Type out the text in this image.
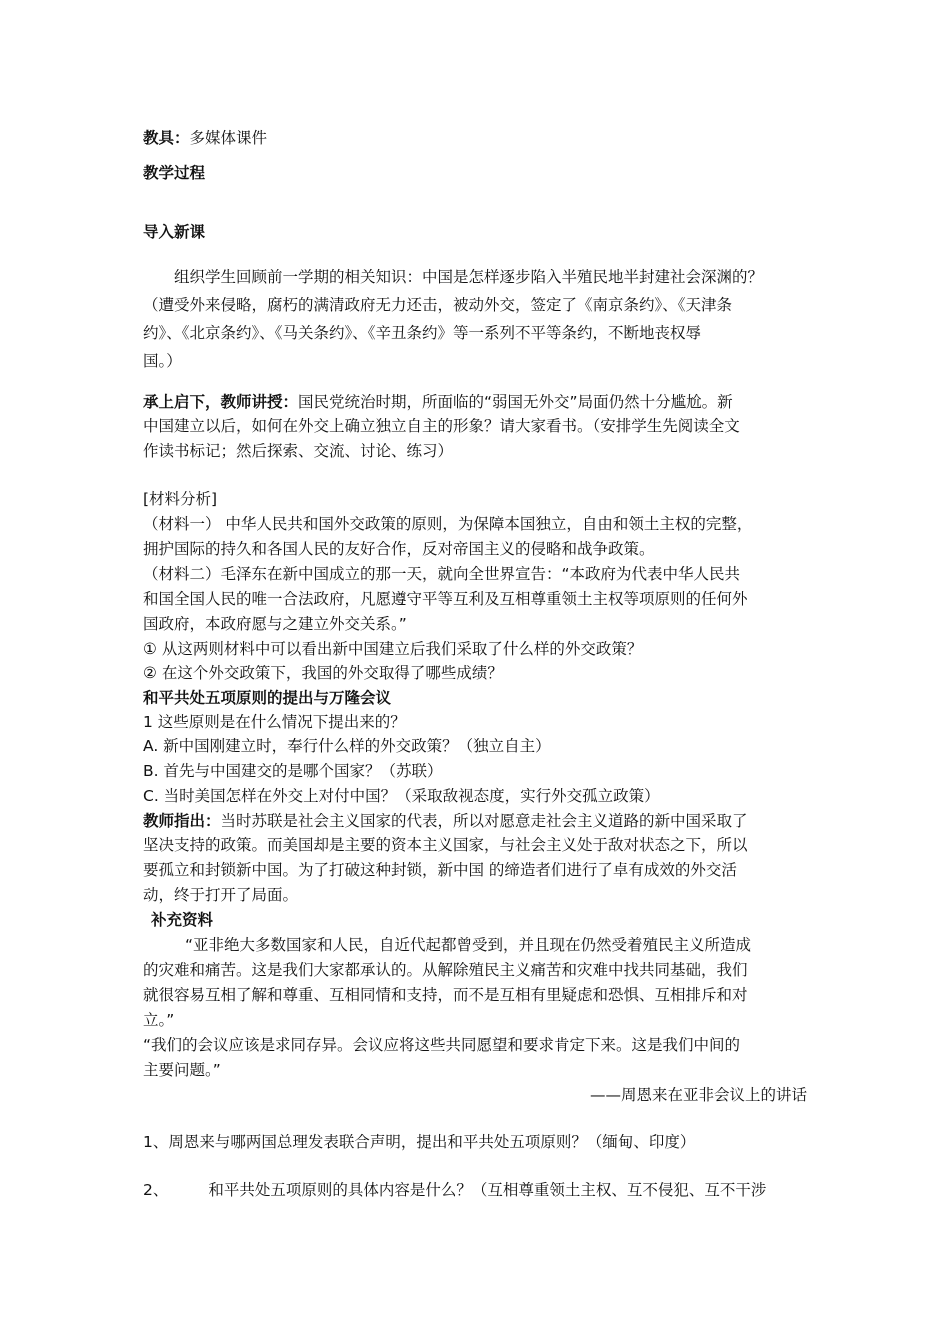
教具：多媒体课件
教学过程
导入新课
组织学生回顾前一学期的相关知识：中国是怎样逐步陷入半殖民地半封建社会深渊的？
（遭受外来侵略，腐朽的满清政府无力还击，被动外交，签定了《南京条约》、《天津条
约》、《北京条约》、《马关条约》、《辛丑条约》等一系列不平等条约，不断地丧权辱
国。）
承上启下，教师讲授：国民党统治时期，所面临的“弱国无外交”局面仍然十分尴尬。新
中国建立以后，如何在外交上确立独立自主的形象？请大家看书。（安排学生先阅读全文
作读书标记；然后探索、交流、讨论、练习）
[材料分析]
（材料一） 中华人民共和国外交政策的原则，为保障本国独立，自由和领土主权的完整，
拥护国际的持久和各国人民的友好合作，反对帝国主义的侵略和战争政策。
（材料二）毛泽东在新中国成立的那一天，就向全世界宣告：“本政府为代表中华人民共
和国全国人民的唯一合法政府，凡愿遵守平等互利及互相尊重领土主权等项原则的任何外
国政府，本政府愿与之建立外交关系。”
① 从这两则材料中可以看出新中国建立后我们采取了什么样的外交政策？
② 在这个外交政策下，我国的外交取得了哪些成绩？
和平共处五项原则的提出与万隆会议
1 这些原则是在什么情况下提出来的？
A. 新中国刚建立时，奉行什么样的外交政策？（独立自主）
B. 首先与中国建交的是哪个国家？（苏联）
C. 当时美国怎样在外交上对付中国？（采取敌视态度，实行外交孤立政策）
教师指出：当时苏联是社会主义国家的代表，所以对愿意走社会主义道路的新中国采取了
坚决支持的政策。而美国却是主要的资本主义国家，与社会主义处于敌对状态之下，所以
要孤立和封锁新中国。为了打破这种封锁，新中国 的缔造者们进行了卓有成效的外交活
动，终于打开了局面。
补充资料
“亚非绝大多数国家和人民，自近代起都曾受到，并且现在仍然受着殖民主义所造成
的灾难和痛苦。这是我们大家都承认的。从解除殖民主义痛苦和灾难中找共同基础，我们
就很容易互相了解和尊重、互相同情和支持，而不是互相有里疑虑和恐惧、互相排斥和对
立。”
“我们的会议应该是求同存异。会议应将这些共同愿望和要求肯定下来。这是我们中间的
主要问题。”
——周恩来在亚非会议上的讲话
1、周恩来与哪两国总理发表联合声明，提出和平共处五项原则？（缅甸、印度）
2、	和平共处五项原则的具体内容是什么？（互相尊重领土主权、互不侵犯、互不干涉
